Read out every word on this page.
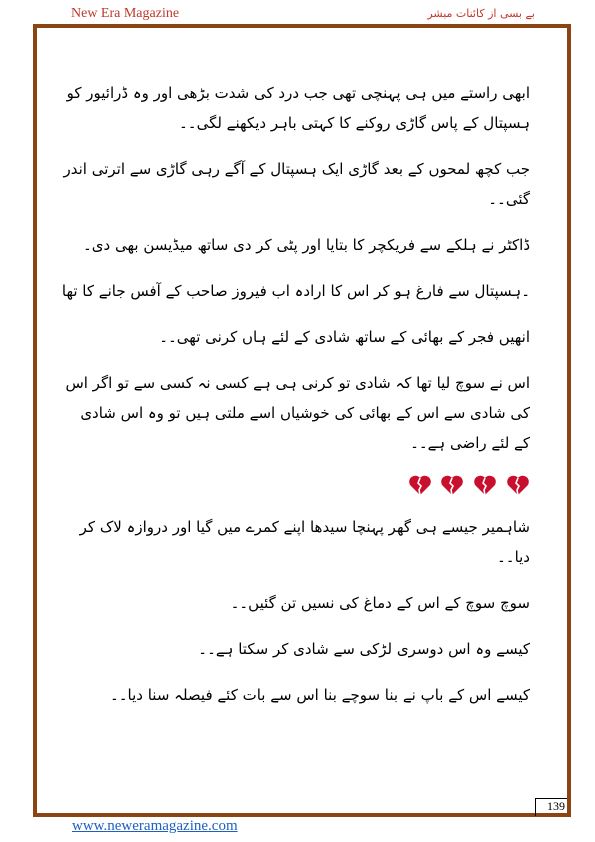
New Era Magazine	بے بسی از کائنات مبشر

ابھی راستے میں ہی پہنچی تھی جب درد کی شدت بڑھی اور وہ ڈرائیور کو ہسپتال کے پاس گاڑی روکنے کا کہتی باہر دیکھنے لگی۔۔

جب کچھ لمحوں کے بعد گاڑی ایک ہسپتال کے آگے رہی گاڑی سے اترتی اندر گئی۔۔

ڈاکٹر نے ہلکے سے فریکچر کا بتایا اور پٹی کر دی ساتھ میڈیسن بھی دی۔

۔ہسپتال سے فارغ ہو کر اس کا ارادہ اب فیروز صاحب کے آفس جانے کا تھا

انھیں فجر کے بھائی کے ساتھ شادی کے لئے ہاں کرنی تھی۔۔

اس نے سوچ لیا تھا کہ شادی تو کرنی ہی ہے کسی نہ کسی سے تو اگر اس کی شادی سے اس کے بھائی کی خوشیاں اسے ملتی ہیں تو وہ اس شادی کے لئے راضی ہے۔۔

شاہمیر جیسے ہی گھر پہنچا سیدھا اپنے کمرے میں گیا اور دروازہ لاک کر دیا۔۔

سوچ سوچ کے اس کے دماغ کی نسیں تن گئیں۔۔

کیسے وہ اس دوسری لڑکی سے شادی کر سکتا ہے۔۔

کیسے اس کے باپ نے بنا سوچے بنا اس سے بات کئے فیصلہ سنا دیا۔۔

139
www.neweramagazine.com
